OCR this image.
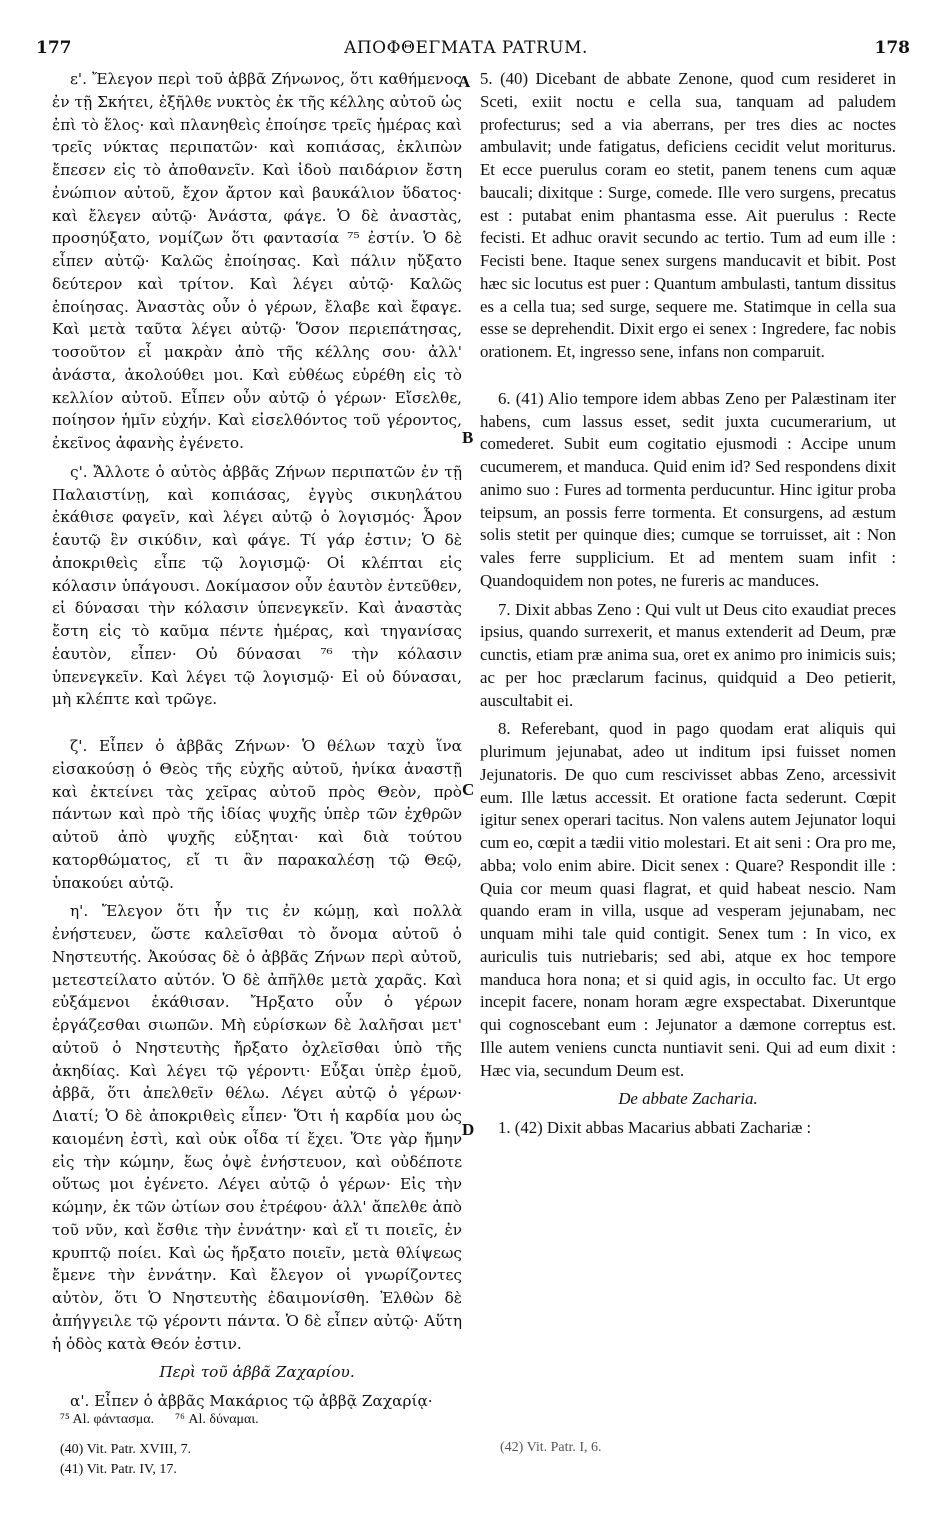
177	ΑΠΟΦΘΕΓΜΑΤΑ PATRUM.	178

ε'. Ἔλεγον περὶ τοῦ ἀββᾶ Ζήνωνος, ὅτι καθήμενος ἐν τῇ Σκήτει, ἐξῆλθε νυκτὸς ἐκ τῆς κέλλης αὐτοῦ ὡς ἐπὶ τὸ ἕλος· καὶ πλανηθεὶς ἐποίησε τρεῖς ἡμέρας καὶ τρεῖς νύκτας περιπατῶν· καὶ κοπιάσας, ἐκλιπὼν ἔπεσεν εἰς τὸ ἀποθανεῖν. Καὶ ἰδοὺ παιδάριον ἔστη ἐνώπιον αὐτοῦ, ἔχον ἄρτον καὶ βαυκάλιον ὕδατος· καὶ ἔλεγεν αὐτῷ· Ἀνάστα, φάγε. Ὁ δὲ ἀναστὰς, προσηύξατο, νομίζων ὅτι φαντασία ⁷⁵ ἐστίν. Ὁ δὲ εἶπεν αὐτῷ· Καλῶς ἐποίησας. Καὶ πάλιν ηὔξατο δεύτερον καὶ τρίτον. Καὶ λέγει αὐτῷ· Καλῶς ἐποίησας. Ἀναστὰς οὖν ὁ γέρων, ἔλαβε καὶ ἔφαγε. Καὶ μετὰ ταῦτα λέγει αὐτῷ· Ὅσον περιεπάτησας, τοσοῦτον εἶ μακρὰν ἀπὸ τῆς κέλλης σου· ἀλλ' ἀνάστα, ἀκολούθει μοι. Καὶ εὐθέως εὑρέθη εἰς τὸ κελλίον αὐτοῦ. Εἶπεν οὖν αὐτῷ ὁ γέρων· Εἴσελθε, ποίησον ἡμῖν εὐχήν. Καὶ εἰσελθόντος τοῦ γέροντος, ἐκεῖνος ἀφανὴς ἐγένετο.

ς'. Ἄλλοτε ὁ αὐτὸς ἀββᾶς Ζήνων περιπατῶν ἐν τῇ Παλαιστίνῃ, καὶ κοπιάσας, ἐγγὺς σικυηλάτου ἐκάθισε φαγεῖν, καὶ λέγει αὐτῷ ὁ λογισμός· Ἆρον ἑαυτῷ ἓν σικύδιν, καὶ φάγε. Τί γάρ ἐστιν; Ὁ δὲ ἀποκριθεὶς εἶπε τῷ λογισμῷ· Οἱ κλέπται εἰς κόλασιν ὑπάγουσι. Δοκίμασον οὖν ἑαυτὸν ἐντεῦθεν, εἰ δύνασαι τὴν κόλασιν ὑπενεγκεῖν. Καὶ ἀναστὰς ἔστη εἰς τὸ καῦμα πέντε ἡμέρας, καὶ τηγανίσας ἑαυτὸν, εἶπεν· Οὐ δύνασαι ⁷⁶ τὴν κόλασιν ὑπενεγκεῖν. Καὶ λέγει τῷ λογισμῷ· Εἰ οὐ δύνασαι, μὴ κλέπτε καὶ τρῶγε.

ζ'. Εἶπεν ὁ ἀββᾶς Ζήνων· Ὁ θέλων ταχὺ ἵνα εἰσακούσῃ ὁ Θεὸς τῆς εὐχῆς αὐτοῦ, ἡνίκα ἀναστῇ καὶ ἐκτείνει τὰς χεῖρας αὐτοῦ πρὸς Θεὸν, πρὸ πάντων καὶ πρὸ τῆς ἰδίας ψυχῆς ὑπὲρ τῶν ἐχθρῶν αὐτοῦ ἀπὸ ψυχῆς εὐξηται· καὶ διὰ τούτου κατορθώματος, εἴ τι ἂν παρακαλέσῃ τῷ Θεῷ, ὑπακούει αὐτῷ.

η'. Ἔλεγον ὅτι ἦν τις ἐν κώμῃ, καὶ πολλὰ ἐνήστευεν, ὥστε καλεῖσθαι τὸ ὄνομα αὐτοῦ ὁ Νηστευτής. Ἀκούσας δὲ ὁ ἀββᾶς Ζήνων περὶ αὐτοῦ, μετεστείλατο αὐτόν. Ὁ δὲ ἀπῆλθε μετὰ χαρᾶς. Καὶ εὐξάμενοι ἐκάθισαν. Ἤρξατο οὖν ὁ γέρων ἐργάζεσθαι σιωπῶν. Μὴ εὑρίσκων δὲ λαλῆσαι μετ' αὐτοῦ ὁ Νηστευτὴς ἤρξατο ὀχλεῖσθαι ὑπὸ τῆς ἀκηδίας. Καὶ λέγει τῷ γέροντι· Εὖξαι ὑπὲρ ἐμοῦ, ἀββᾶ, ὅτι ἀπελθεῖν θέλω. Λέγει αὐτῷ ὁ γέρων· Διατί; Ὁ δὲ ἀποκριθεὶς εἶπεν· Ὅτι ἡ καρδία μου ὡς καιομένη ἐστὶ, καὶ οὐκ οἶδα τί ἔχει. Ὅτε γὰρ ἤμην εἰς τὴν κώμην, ἕως ὀψὲ ἐνήστευον, καὶ οὐδέποτε οὕτως μοι ἐγένετο. Λέγει αὐτῷ ὁ γέρων· Εἰς τὴν κώμην, ἐκ τῶν ὠτίων σου ἐτρέφου· ἀλλ' ἄπελθε ἀπὸ τοῦ νῦν, καὶ ἔσθιε τὴν ἐννάτην· καὶ εἴ τι ποιεῖς, ἐν κρυπτῷ ποίει. Καὶ ὡς ἤρξατο ποιεῖν, μετὰ θλίψεως ἔμενε τὴν ἐννάτην. Καὶ ἔλεγον οἱ γνωρίζοντες αὐτὸν, ὅτι Ὁ Νηστευτὴς ἐδαιμονίσθη. Ἐλθὼν δὲ ἀπήγγειλε τῷ γέροντι πάντα. Ὁ δὲ εἶπεν αὐτῷ· Αὕτη ἡ ὁδὸς κατὰ Θεόν ἐστιν.

Περὶ τοῦ ἀββᾶ Ζαχαρίου.

α'. Εἶπεν ὁ ἀββᾶς Μακάριος τῷ ἀββᾷ Ζαχαρίᾳ·

5. (40) Dicebant de abbate Zenone, quod cum resideret in Sceti, exiit noctu e cella sua, tanquam ad paludem profecturus; sed a via aberrans, per tres dies ac noctes ambulavit; unde fatigatus, deficiens cecidit velut moriturus. Et ecce puerulus coram eo stetit, panem tenens cum aquæ baucali; dixitque : Surge, comede. Ille vero surgens, precatus est : putabat enim phantasma esse. Ait puerulus : Recte fecisti. Et adhuc oravit secundo ac tertio. Tum ad eum ille : Fecisti bene. Itaque senex surgens manducavit et bibit. Post hæc sic locutus est puer : Quantum ambulasti, tantum dissitus es a cella tua; sed surge, sequere me. Statimque in cella sua esse se deprehendit. Dixit ergo ei senex : Ingredere, fac nobis orationem. Et, ingresso sene, infans non comparuit.

6. (41) Alio tempore idem abbas Zeno per Palæstinam iter habens, cum lassus esset, sedit juxta cucumerarium, ut comederet. Subit eum cogitatio ejusmodi : Accipe unum cucumerem, et manduca. Quid enim id? Sed respondens dixit animo suo : Fures ad tormenta perducuntur. Hinc igitur proba teipsum, an possis ferre tormenta. Et consurgens, ad æstum solis stetit per quinque dies; cumque se torruisset, ait : Non vales ferre supplicium. Et ad mentem suam infit : Quandoquidem non potes, ne fureris ac manduces.

7. Dixit abbas Zeno : Qui vult ut Deus cito exaudiat preces ipsius, quando surrexerit, et manus extenderit ad Deum, præ cunctis, etiam præ anima sua, oret ex animo pro inimicis suis; ac per hoc præclarum facinus, quidquid a Deo petierit, auscultabit ei.

8. Referebant, quod in pago quodam erat aliquis qui plurimum jejunabat, adeo ut inditum ipsi fuisset nomen Jejunatoris. De quo cum rescivisset abbas Zeno, arcessivit eum. Ille lætus accessit. Et oratione facta sederunt. Cœpit igitur senex operari tacitus. Non valens autem Jejunator loqui cum eo, cœpit a tædii vitio molestari. Et ait seni : Ora pro me, abba; volo enim abire. Dicit senex : Quare? Respondit ille : Quia cor meum quasi flagrat, et quid habeat nescio. Nam quando eram in villa, usque ad vesperam jejunabam, nec unquam mihi tale quid contigit. Senex tum : In vico, ex auriculis tuis nutriebaris; sed abi, atque ex hoc tempore manduca hora nona; et si quid agis, in occulto fac. Ut ergo incepit facere, nonam horam ægre exspectabat. Dixeruntque qui cognoscebant eum : Jejunator a dæmone correptus est. Ille autem veniens cuncta nuntiavit seni. Qui ad eum dixit : Hæc via, secundum Deum est.

De abbate Zacharia.

1. (42) Dixit abbas Macarius abbati Zachariæ :

A
B
C
D
⁷⁵ Al. φάντασμα. ⁷⁶ Al. δύναμαι.
(40) Vit. Patr. XVIII, 7.
(41) Vit. Patr. IV, 17.
(42) Vit. Patr. I, 6.
